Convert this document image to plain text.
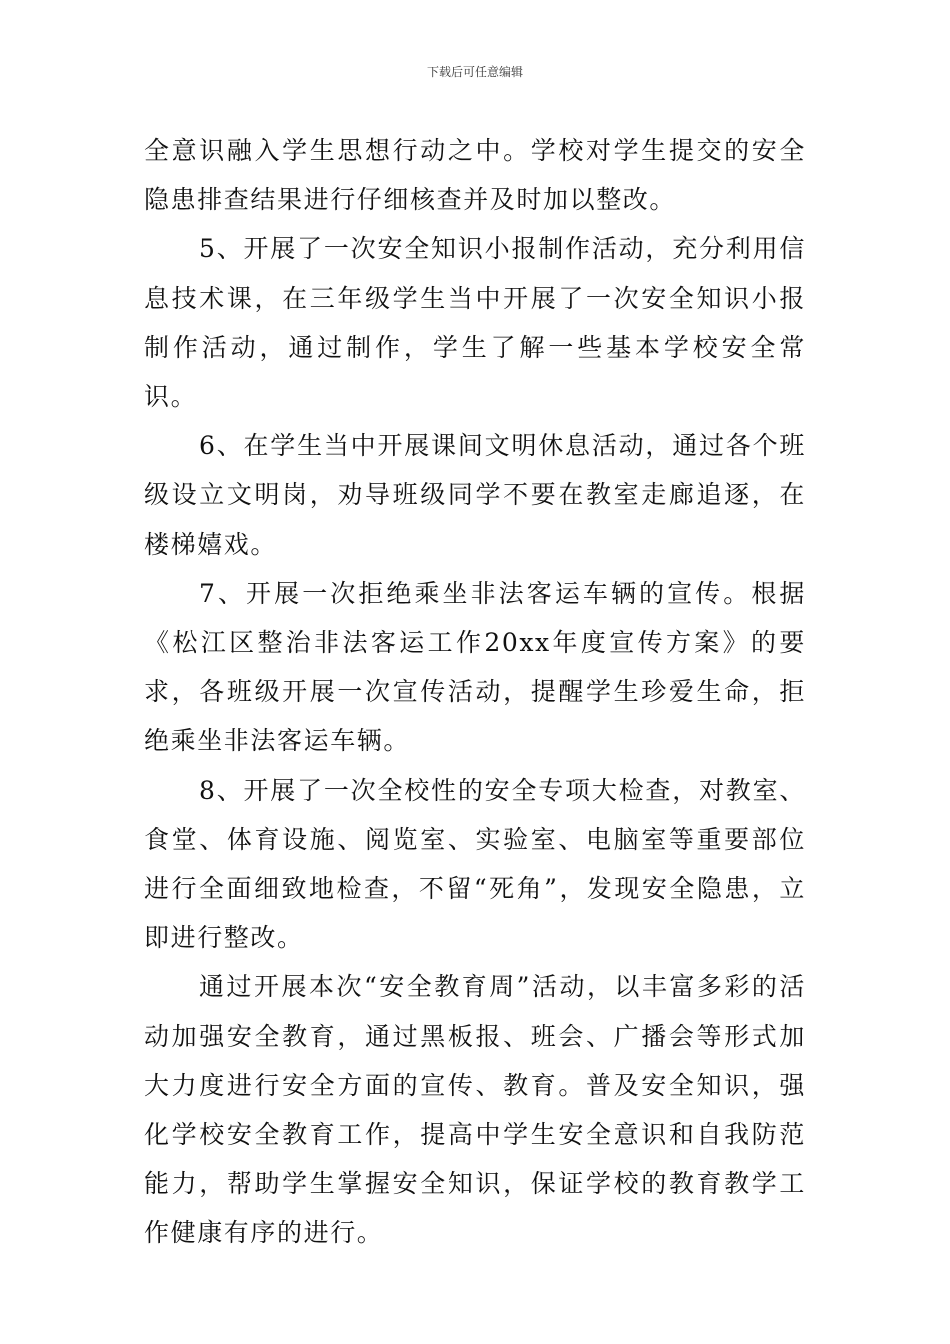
下载后可任意编辑

全意识融入学生思想行动之中。学校对学生提交的安全隐患排查结果进行仔细核查并及时加以整改。

5、开展了一次安全知识小报制作活动，充分利用信息技术课，在三年级学生当中开展了一次安全知识小报制作活动，通过制作，学生了解一些基本学校安全常识。

6、在学生当中开展课间文明休息活动，通过各个班级设立文明岗，劝导班级同学不要在教室走廊追逐，在楼梯嬉戏。

7、开展一次拒绝乘坐非法客运车辆的宣传。根据《松江区整治非法客运工作20xx年度宣传方案》的要求，各班级开展一次宣传活动，提醒学生珍爱生命，拒绝乘坐非法客运车辆。

8、开展了一次全校性的安全专项大检查，对教室、食堂、体育设施、阅览室、实验室、电脑室等重要部位进行全面细致地检查，不留“死角”，发现安全隐患，立即进行整改。

通过开展本次“安全教育周”活动，以丰富多彩的活动加强安全教育，通过黑板报、班会、广播会等形式加大力度进行安全方面的宣传、教育。普及安全知识，强化学校安全教育工作，提高中学生安全意识和自我防范能力，帮助学生掌握安全知识，保证学校的教育教学工作健康有序的进行。
